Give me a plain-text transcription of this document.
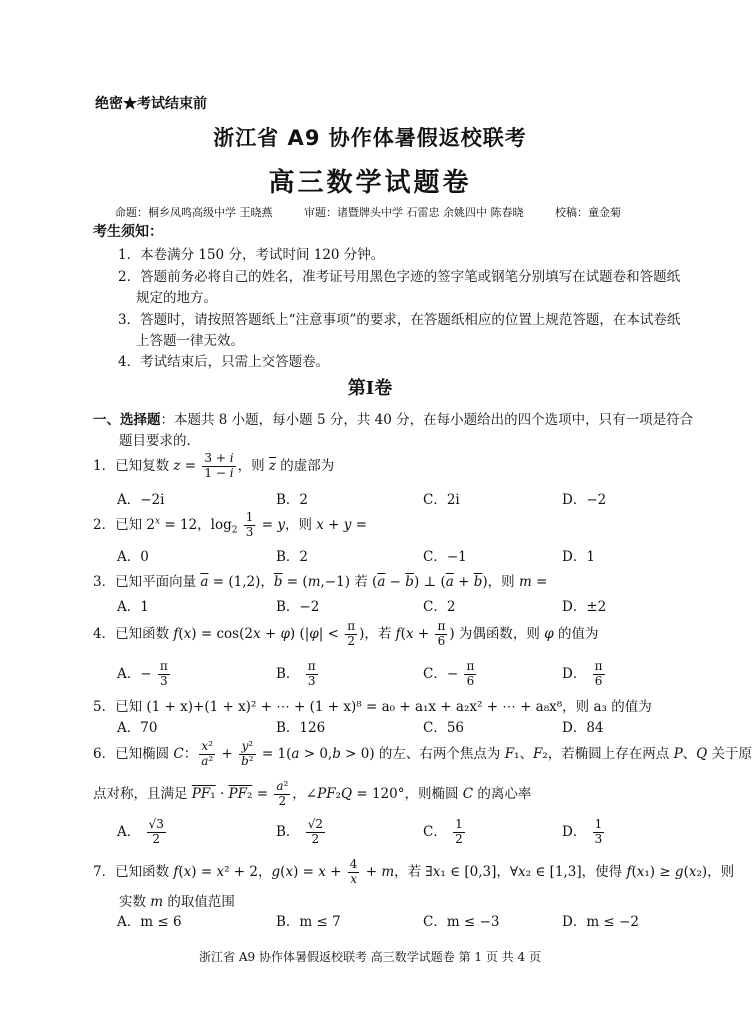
绝密★考试结束前
浙江省 A9 协作体暑假返校联考
高三数学试题卷
命题：桐乡凤鸣高级中学 王晓燕	审题：诸暨牌头中学 石雷忠 余姚四中 陈春晓	校稿：童金菊
考生须知：
1．本卷满分 150 分，考试时间 120 分钟。
2．答题前务必将自己的姓名，准考证号用黑色字迹的签字笔或钢笔分别填写在试题卷和答题纸
规定的地方。
3．答题时，请按照答题纸上“注意事项”的要求，在答题纸相应的位置上规范答题，在本试卷纸
上答题一律无效。
4．考试结束后，只需上交答题卷。
第Ⅰ卷
一、选择题：本题共 8 小题，每小题 5 分，共 40 分，在每小题给出的四个选项中，只有一项是符合
题目要求的.
1．已知复数 $z = \frac{3 + i}{1 - i}$ ，则 $\overline{z}$ 的虚部为
A．−2i	B．2	C．2i	D．−2
2．已知 $2^x = 12$，$\log_2 \frac{1}{3} = y$，则 x + y =
A．0	B．2	C．−1	D．1
3．已知平面向量 $\overline{a} = (1,2)$，$\overline{b} = (m,-1)$ 若 $(\overline{a} - \overline{b})$ ⊥ $(\overline{a} + \overline{b})$，则 m =
A．1	B．−2	C．2	D．±2
4．已知函数 f(x) = cos(2x + φ) ($|\varphi| < \frac{\pi}{2}$ )，若 $f(x + \frac{\pi}{6}$ ) 为偶函数，则 φ 的值为
A．− $\frac{\pi}{3}$	B． $\frac{\pi}{3}$	C．− $\frac{\pi}{6}$	D． $\frac{\pi}{6}$
5．已知 (1 + x)+(1 + x)² + ⋯ + (1 + x)⁸ = a₀ + a₁x + a₂x² + ⋯ + a₈x⁸，则 a₃ 的值为
A．70	B．126	C．56	D．84
6．已知椭圆 C： $\frac{\text{x²}}{\text{a²}} + \frac{\text{y²}}{\text{b²}} = 1(a > 0,b > 0)$ 的左、右两个焦点为 F₁、F₂，若椭圆上存在两点 P、Q 关于原
点对称，且满足 $PF_1 \cdot PF_2 = \frac{\text{a²}}{2}$ ，∠PF₂Q = 120°，则椭圆 C 的离心率
A． $\frac{√3}{2}$	B． $\frac{√2}{2}$	C． $\frac{1}{2}$	D． $\frac{1}{3}$
7．已知函数 f(x) = x² + 2，$g(x) = x + \frac{4}{x} + m$，若 ∃x₁ ∈ [0,3]，∀x₂ ∈ [1,3]，使得 f(x₁) ≥ g(x₂)，则
实数 m 的取值范围
A．m ≤ 6	B．m ≤ 7	C．m ≤ −3	D．m ≤ −2
浙江省 A9 协作体暑假返校联考 高三数学试题卷 第 1 页 共 4 页
